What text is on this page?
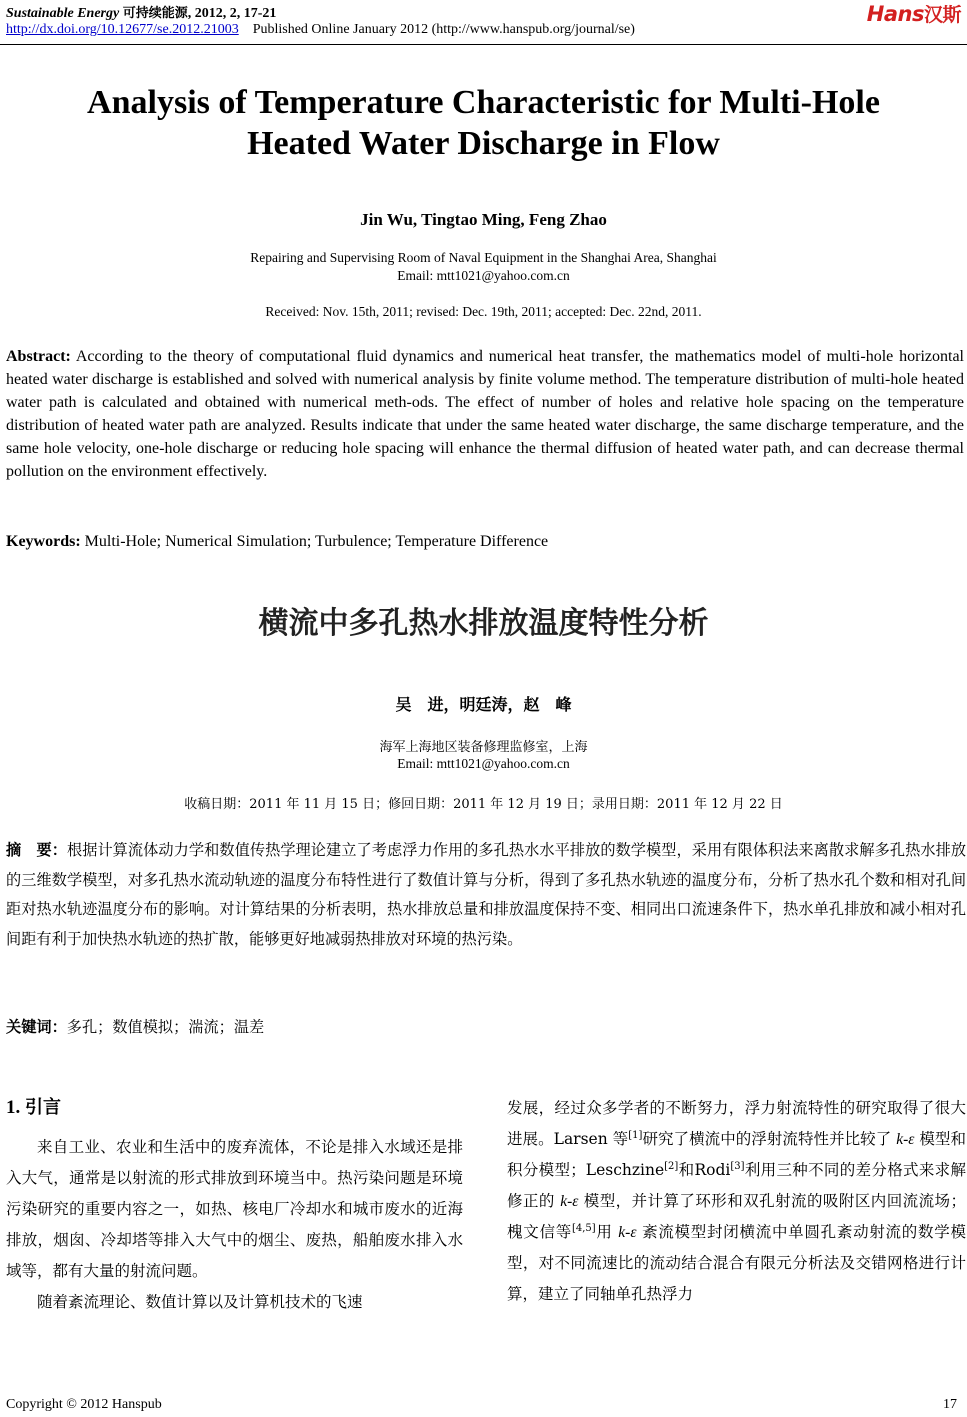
Sustainable Energy 可持续能源, 2012, 2, 17-21
http://dx.doi.org/10.12677/se.2012.21003 Published Online January 2012 (http://www.hanspub.org/journal/se)
Hans汉斯
Analysis of Temperature Characteristic for Multi-Hole
Heated Water Discharge in Flow
Jin Wu, Tingtao Ming, Feng Zhao
Repairing and Supervising Room of Naval Equipment in the Shanghai Area, Shanghai
Email: mtt1021@yahoo.com.cn
Received: Nov. 15th, 2011; revised: Dec. 19th, 2011; accepted: Dec. 22nd, 2011.
Abstract: According to the theory of computational fluid dynamics and numerical heat transfer, the mathematics model of multi-hole horizontal heated water discharge is established and solved with numerical analysis by finite volume method. The temperature distribution of multi-hole heated water path is calculated and obtained with numerical meth-ods. The effect of number of holes and relative hole spacing on the temperature distribution of heated water path are analyzed. Results indicate that under the same heated water discharge, the same discharge temperature, and the same hole velocity, one-hole discharge or reducing hole spacing will enhance the thermal diffusion of heated water path, and can decrease thermal pollution on the environment effectively.
Keywords: Multi-Hole; Numerical Simulation; Turbulence; Temperature Difference
横流中多孔热水排放温度特性分析
吴　进，明廷涛，赵　峰
海军上海地区装备修理监修室，上海
Email: mtt1021@yahoo.com.cn
收稿日期：2011 年 11 月 15 日；修回日期：2011 年 12 月 19 日；录用日期：2011 年 12 月 22 日
摘　要：根据计算流体动力学和数值传热学理论建立了考虑浮力作用的多孔热水水平排放的数学模型，采用有限体积法来离散求解多孔热水排放的三维数学模型，对多孔热水流动轨迹的温度分布特性进行了数值计算与分析，得到了多孔热水轨迹的温度分布，分析了热水孔个数和相对孔间距对热水轨迹温度分布的影响。对计算结果的分析表明，热水排放总量和排放温度保持不变、相同出口流速条件下，热水单孔排放和减小相对孔间距有利于加快热水轨迹的热扩散，能够更好地减弱热排放对环境的热污染。
关键词：多孔；数值模拟；湍流；温差
1. 引言

来自工业、农业和生活中的废弃流体，不论是排入水域还是排入大气，通常是以射流的形式排放到环境当中。热污染问题是环境污染研究的重要内容之一，如热、核电厂冷却水和城市废水的近海排放，烟囱、冷却塔等排入大气中的烟尘、废热，船舶废水排入水域等，都有大量的射流问题。

随着紊流理论、数值计算以及计算机技术的飞速

发展，经过众多学者的不断努力，浮力射流特性的研究取得了很大进展。Larsen 等[1]研究了横流中的浮射流特性并比较了 k-ε 模型和积分模型；Leschzine[2]和Rodi[3]利用三种不同的差分格式来求解修正的 k-ε 模型，并计算了环形和双孔射流的吸附区内回流流场；槐文信等[4,5]用 k-ε 紊流模型封闭横流中单圆孔紊动射流的数学模型，对不同流速比的流动结合混合有限元分析法及交错网格进行计算，建立了同轴单孔热浮力

Copyright © 2012 Hanspub	17
